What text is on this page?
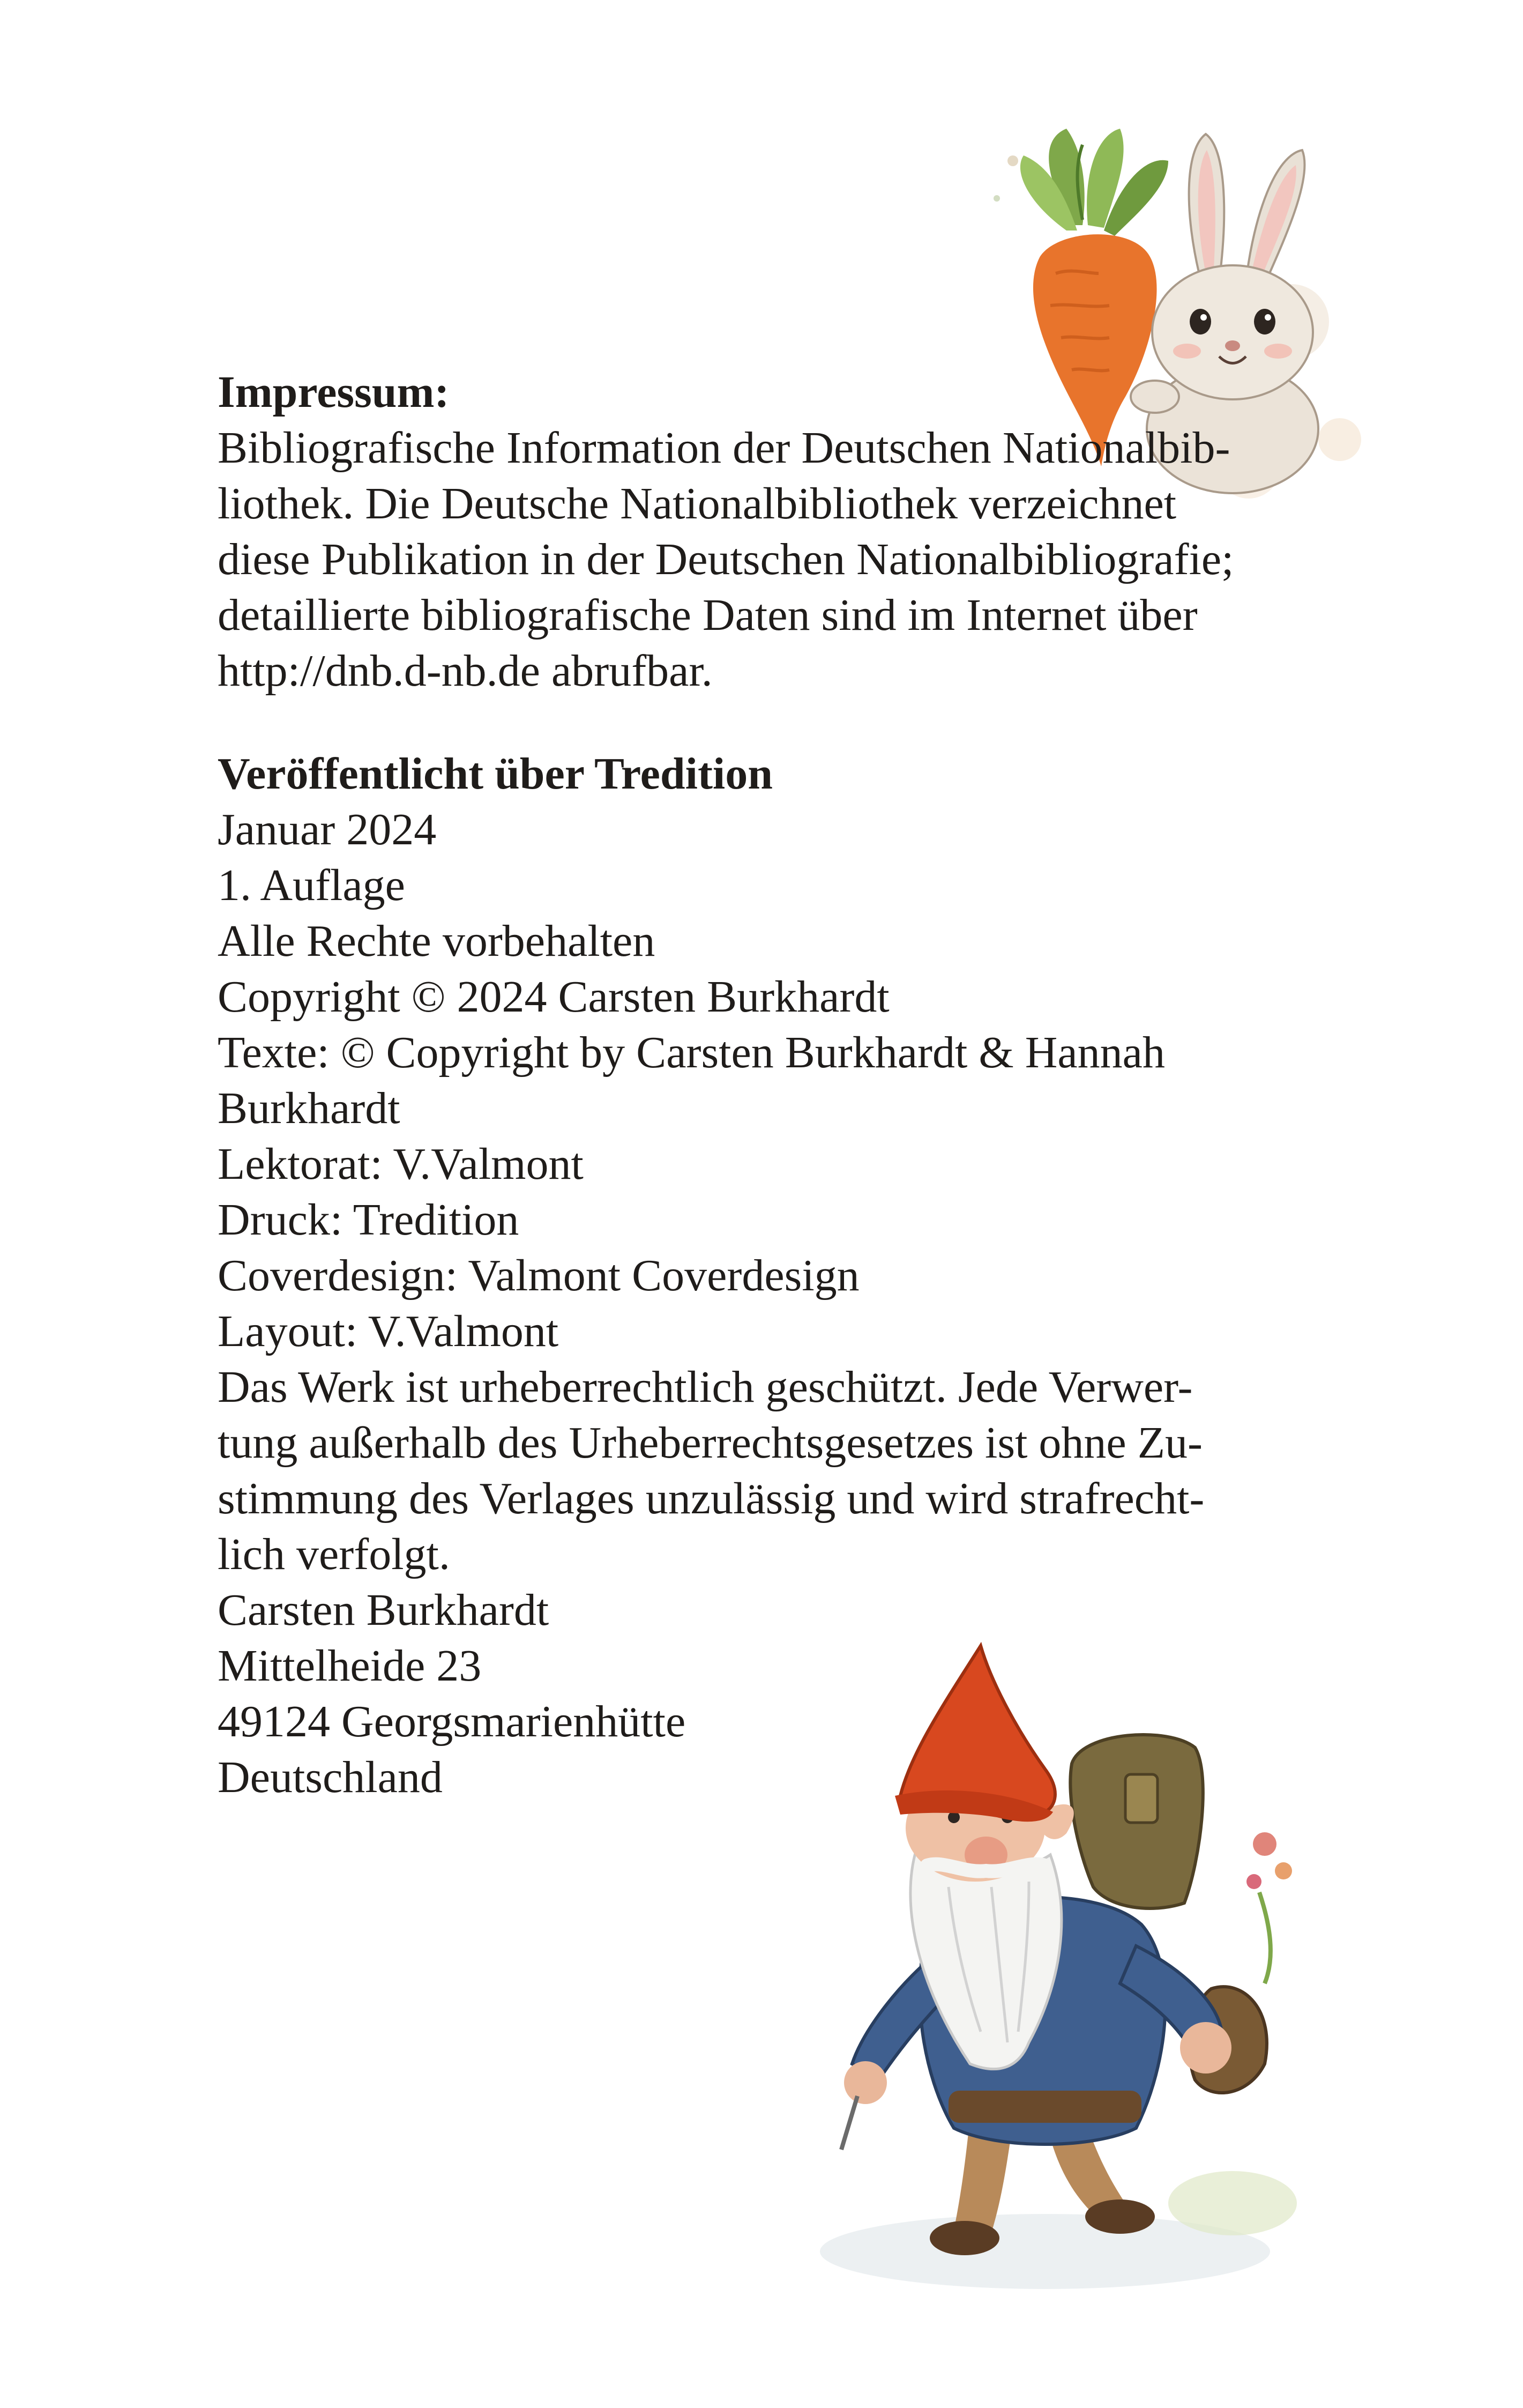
Impressum:
Bibliografische Information der Deutschen Nationalbib-
liothek. Die Deutsche Nationalbibliothek verzeichnet
diese Publikation in der Deutschen Nationalbibliografie;
detaillierte bibliografische Daten sind im Internet über
http://dnb.d-nb.de abrufbar.
Veröffentlicht über Tredition
Januar 2024
1. Auflage
Alle Rechte vorbehalten
Copyright © 2024 Carsten Burkhardt
Texte: © Copyright by Carsten Burkhardt & Hannah
Burkhardt
Lektorat: V.Valmont
Druck: Tredition
Coverdesign: Valmont Coverdesign
Layout: V.Valmont
Das Werk ist urheberrechtlich geschützt. Jede Verwer-
tung außerhalb des Urheberrechtsgesetzes ist ohne Zu-
stimmung des Verlages unzulässig und wird strafrecht-
lich verfolgt.
Carsten Burkhardt
Mittelheide 23
49124 Georgsmarienhütte
Deutschland
